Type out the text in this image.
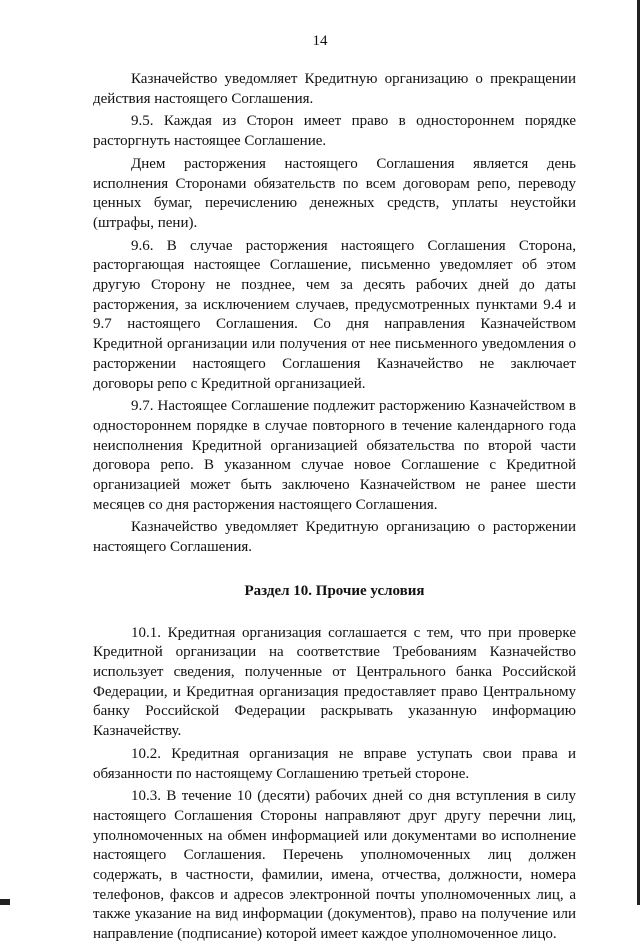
14

Казначейство уведомляет Кредитную организацию о прекращении действия настоящего Соглашения.

9.5. Каждая из Сторон имеет право в одностороннем порядке расторгнуть настоящее Соглашение.

Днем расторжения настоящего Соглашения является день исполнения Сторонами обязательств по всем договорам репо, переводу ценных бумаг, перечислению денежных средств, уплаты неустойки (штрафы, пени).

9.6. В случае расторжения настоящего Соглашения Сторона, расторгающая настоящее Соглашение, письменно уведомляет об этом другую Сторону не позднее, чем за десять рабочих дней до даты расторжения, за исключением случаев, предусмотренных пунктами 9.4 и 9.7 настоящего Соглашения. Со дня направления Казначейством Кредитной организации или получения от нее письменного уведомления о расторжении настоящего Соглашения Казначейство не заключает договоры репо с Кредитной организацией.

9.7. Настоящее Соглашение подлежит расторжению Казначейством в одностороннем порядке в случае повторного в течение календарного года неисполнения Кредитной организацией обязательства по второй части договора репо. В указанном случае новое Соглашение с Кредитной организацией может быть заключено Казначейством не ранее шести месяцев со дня расторжения настоящего Соглашения.

Казначейство уведомляет Кредитную организацию о расторжении настоящего Соглашения.

Раздел 10. Прочие условия

10.1. Кредитная организация соглашается с тем, что при проверке Кредитной организации на соответствие Требованиям Казначейство использует сведения, полученные от Центрального банка Российской Федерации, и Кредитная организация предоставляет право Центральному банку Российской Федерации раскрывать указанную информацию Казначейству.

10.2. Кредитная организация не вправе уступать свои права и обязанности по настоящему Соглашению третьей стороне.

10.3. В течение 10 (десяти) рабочих дней со дня вступления в силу настоящего Соглашения Стороны направляют друг другу перечни лиц, уполномоченных на обмен информацией или документами во исполнение настоящего Соглашения. Перечень уполномоченных лиц должен содержать, в частности, фамилии, имена, отчества, должности, номера телефонов, факсов и адресов электронной почты уполномоченных лиц, а также указание на вид информации (документов), право на получение или направление (подписание) которой имеет каждое уполномоченное лицо.
